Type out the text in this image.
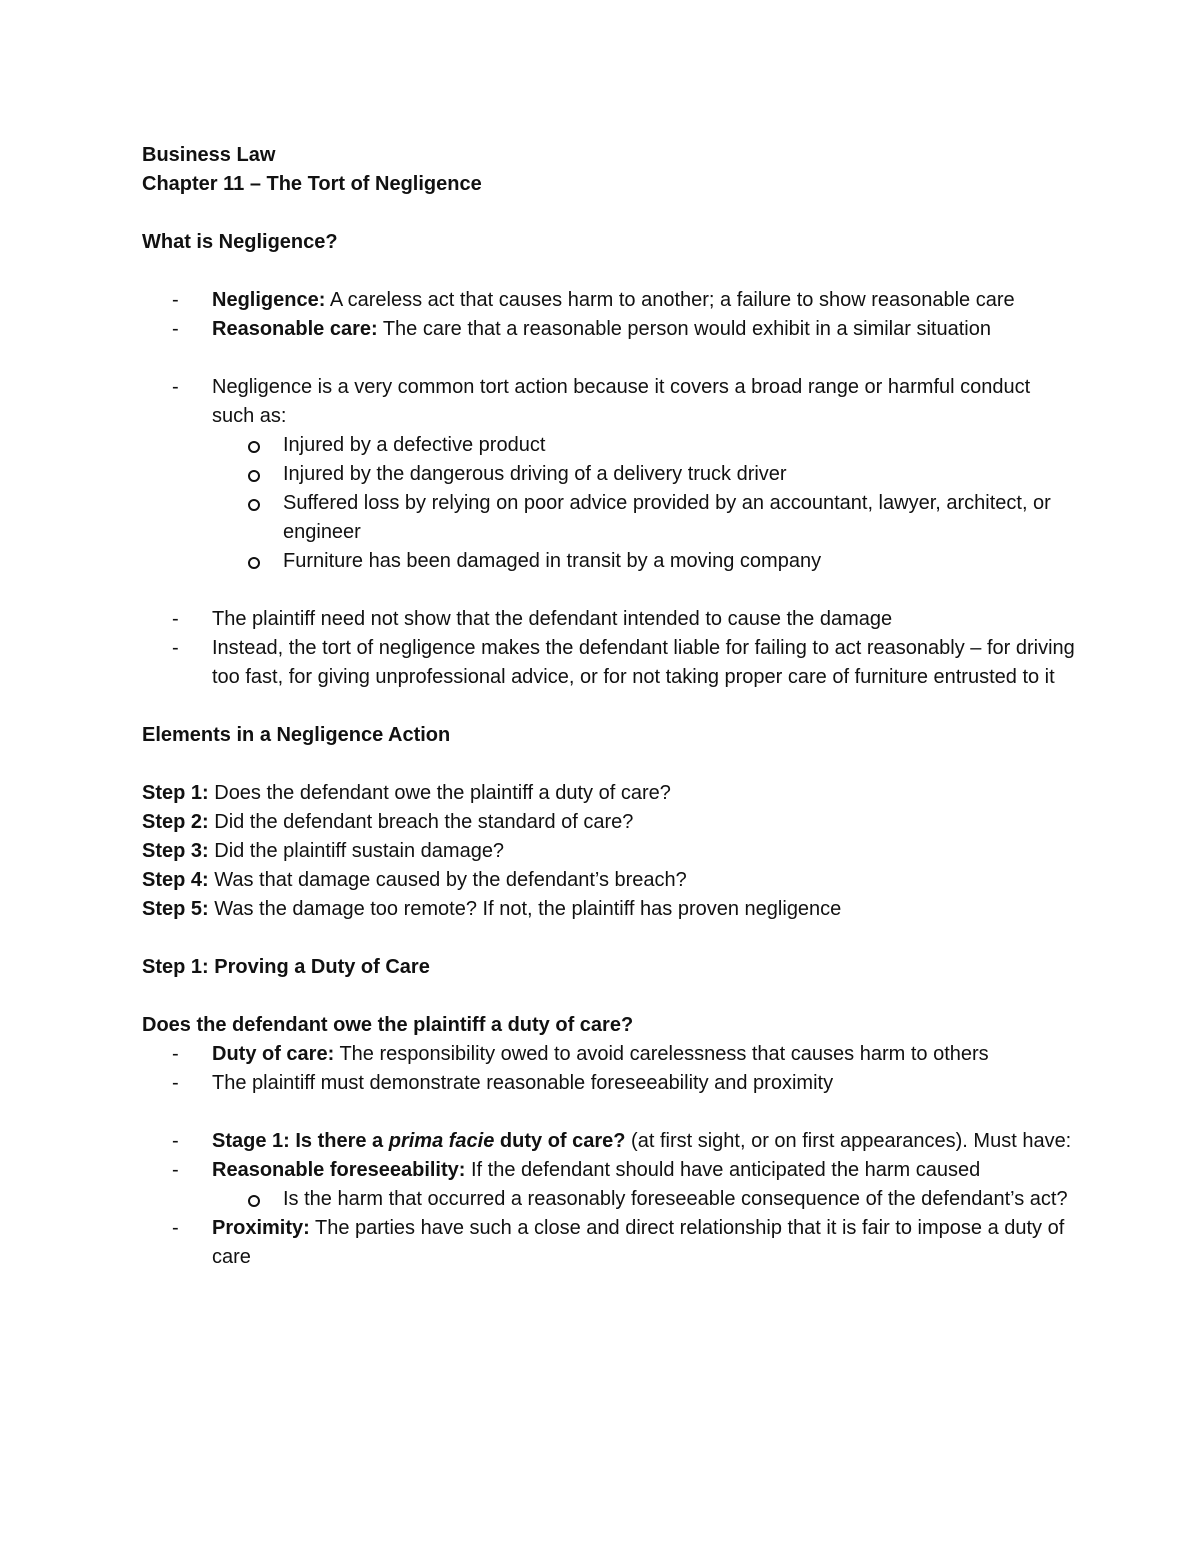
Business Law
Chapter 11 – The Tort of Negligence
What is Negligence?
-	Negligence: A careless act that causes harm to another; a failure to show reasonable care
-	Reasonable care: The care that a reasonable person would exhibit in a similar situation
-	Negligence is a very common tort action because it covers a broad range or harmful conduct such as:
Injured by a defective product
Injured by the dangerous driving of a delivery truck driver
Suffered loss by relying on poor advice provided by an accountant, lawyer, architect, or engineer
Furniture has been damaged in transit by a moving company
-	The plaintiff need not show that the defendant intended to cause the damage
-	Instead, the tort of negligence makes the defendant liable for failing to act reasonably – for driving too fast, for giving unprofessional advice, or for not taking proper care of furniture entrusted to it
Elements in a Negligence Action
Step 1: Does the defendant owe the plaintiff a duty of care?
Step 2: Did the defendant breach the standard of care?
Step 3: Did the plaintiff sustain damage?
Step 4: Was that damage caused by the defendant’s breach?
Step 5: Was the damage too remote? If not, the plaintiff has proven negligence
Step 1: Proving a Duty of Care
Does the defendant owe the plaintiff a duty of care?
-	Duty of care: The responsibility owed to avoid carelessness that causes harm to others
-	The plaintiff must demonstrate reasonable foreseeability and proximity
-	Stage 1: Is there a prima facie duty of care? (at first sight, or on first appearances). Must have:
-	Reasonable foreseeability: If the defendant should have anticipated the harm caused
Is the harm that occurred a reasonably foreseeable consequence of the defendant’s act?
-	Proximity: The parties have such a close and direct relationship that it is fair to impose a duty of care
